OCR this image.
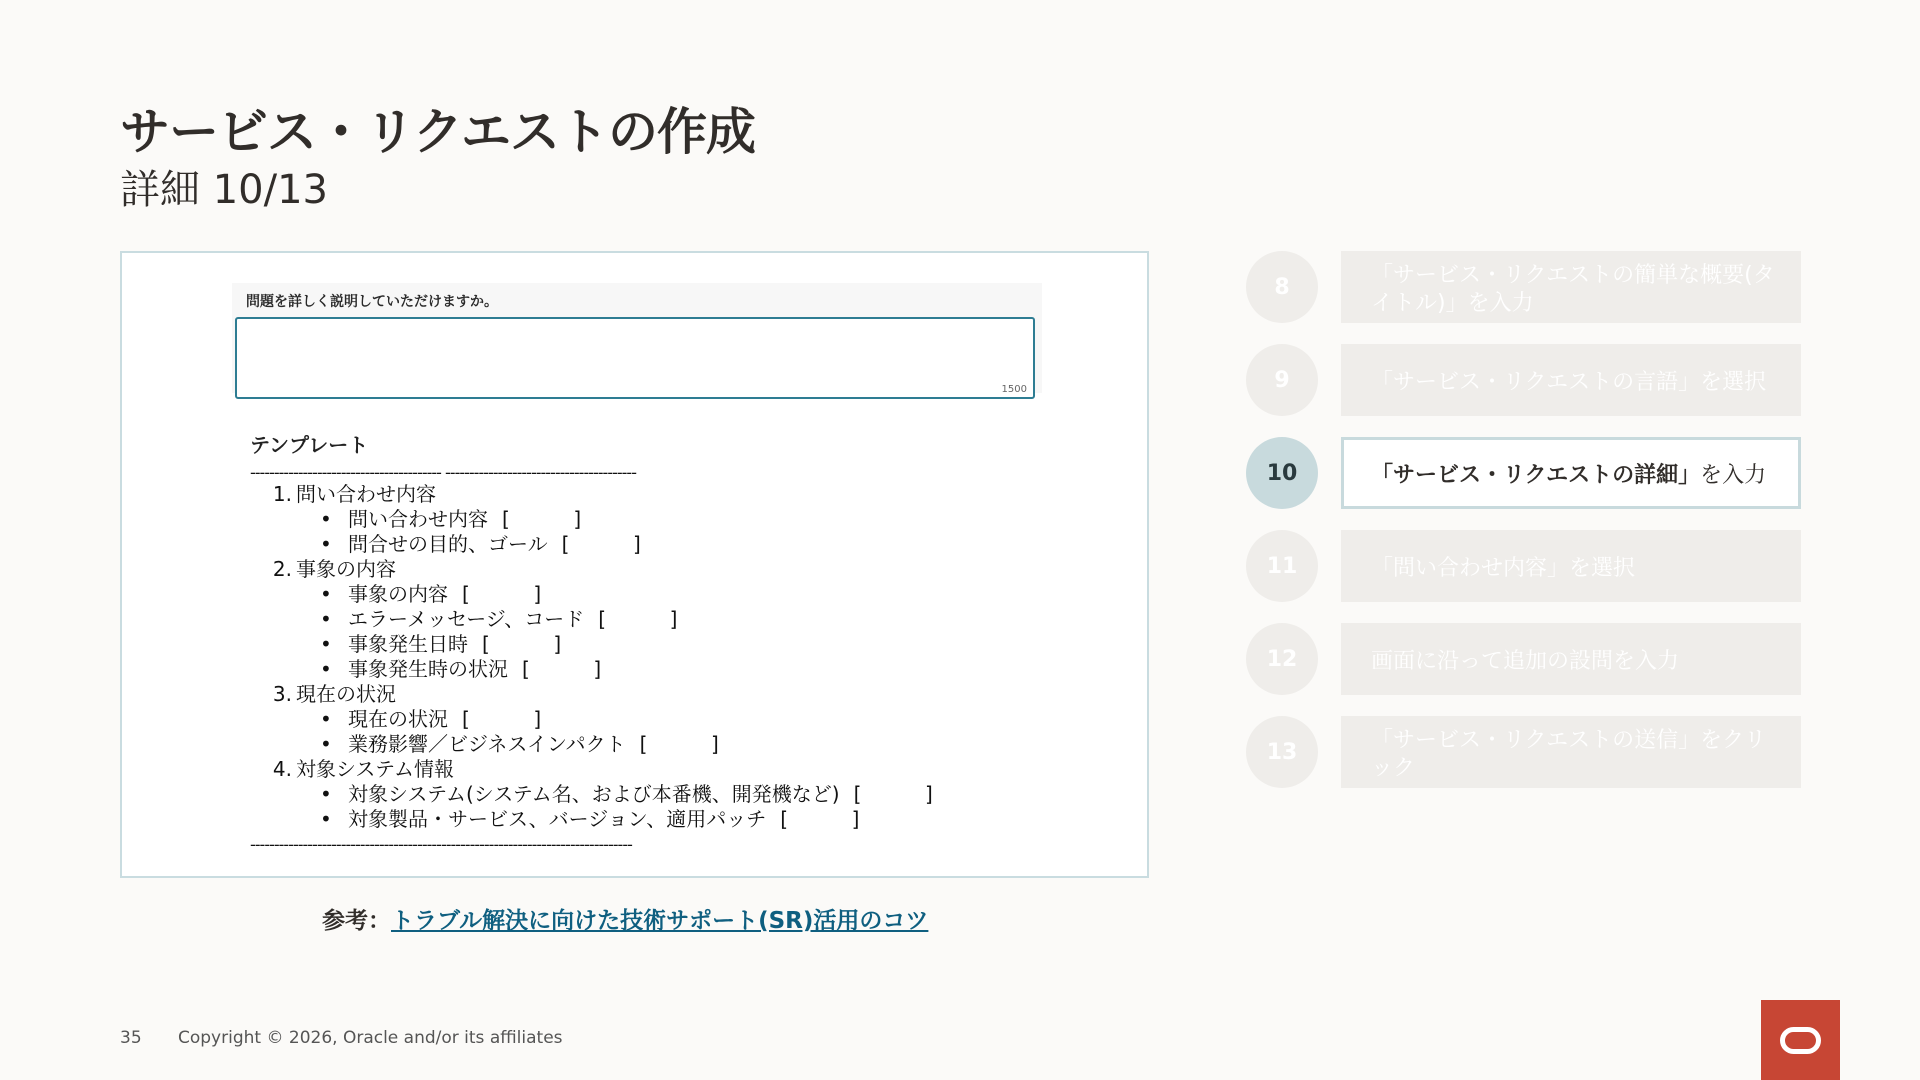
サービス・リクエストの作成
詳細 10/13
問題を詳しく説明していただけますか。
1500
テンプレート
---------------------------------------- ----------------------------------------
1. 問い合わせ内容
• 問い合わせ内容 [          ]
• 問合せの目的、ゴール [          ]
2. 事象の内容
• 事象の内容 [          ]
• エラーメッセージ、コード [          ]
• 事象発生日時 [          ]
• 事象発生時の状況 [          ]
3. 現在の状況
• 現在の状況 [          ]
• 業務影響／ビジネスインパクト [          ]
4. 対象システム情報
• 対象システム(システム名、および本番機、開発機など) [          ]
• 対象製品・サービス、バージョン、適用パッチ [          ]
--------------------------------------------------------------------------------
参考：トラブル解決に向けた技術サポート(SR)活用のコツ
8	「サービス・リクエストの簡単な概要(タイトル)」を入力
9	「サービス・リクエストの言語」を選択
10	「サービス・リクエストの詳細」を入力
11	「問い合わせ内容」を選択
12	画面に沿って追加の設問を入力
13	「サービス・リクエストの送信」をクリック
35 Copyright © 2026, Oracle and/or its affiliates
